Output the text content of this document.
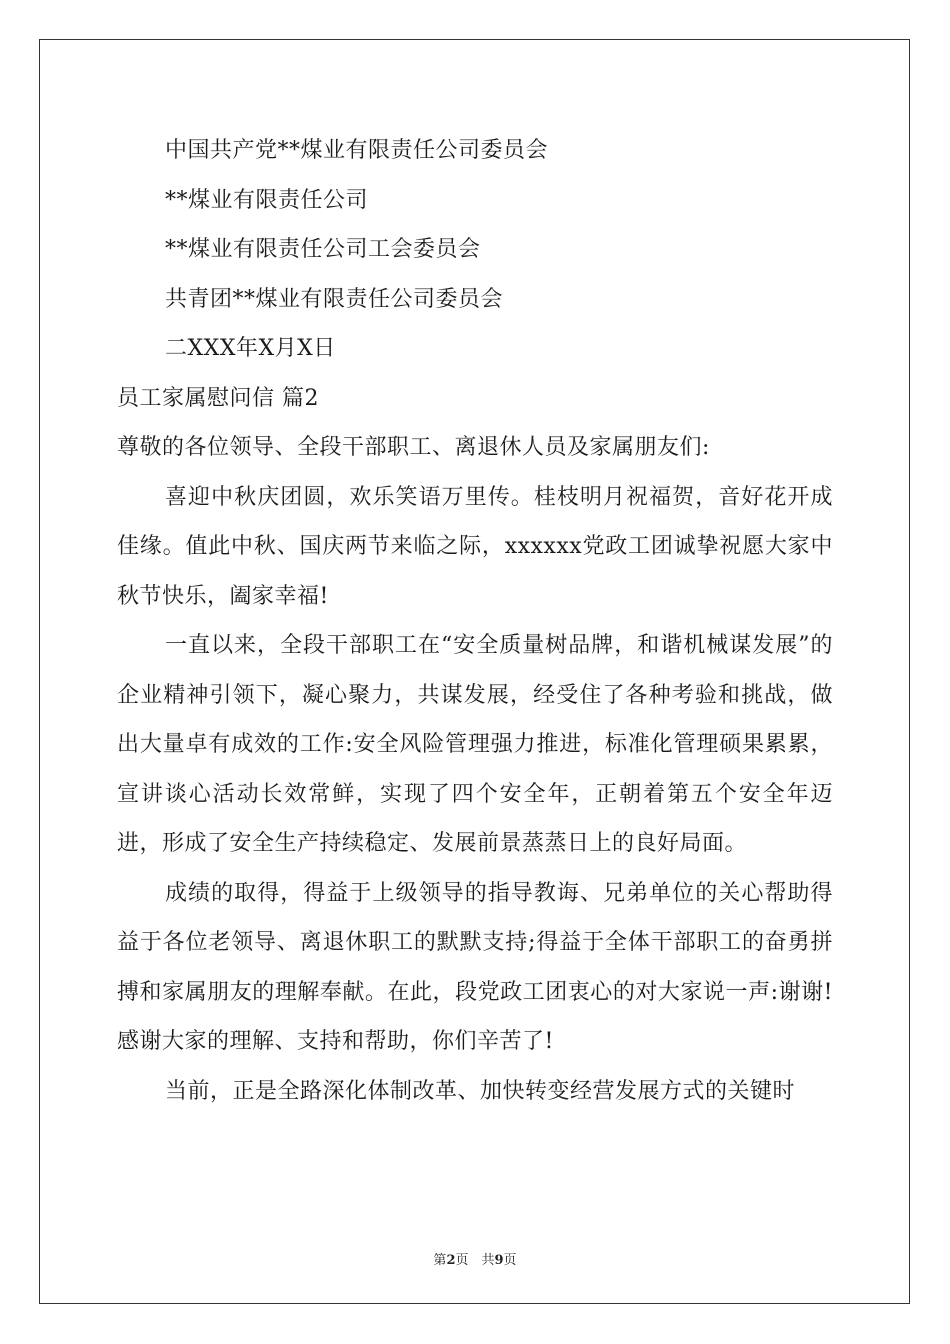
中国共产党**煤业有限责任公司委员会
**煤业有限责任公司
**煤业有限责任公司工会委员会
共青团**煤业有限责任公司委员会
二XXX年X月X日
员工家属慰问信 篇2
尊敬的各位领导、全段干部职工、离退休人员及家属朋友们:
喜迎中秋庆团圆，欢乐笑语万里传。桂枝明月祝福贺，音好花开成佳缘。值此中秋、国庆两节来临之际，xxxxxx党政工团诚挚祝愿大家中秋节快乐，阖家幸福!
一直以来，全段干部职工在“安全质量树品牌，和谐机械谋发展”的企业精神引领下，凝心聚力，共谋发展，经受住了各种考验和挑战，做出大量卓有成效的工作:安全风险管理强力推进，标准化管理硕果累累，宣讲谈心活动长效常鲜，实现了四个安全年，正朝着第五个安全年迈进，形成了安全生产持续稳定、发展前景蒸蒸日上的良好局面。
成绩的取得，得益于上级领导的指导教诲、兄弟单位的关心帮助得益于各位老领导、离退休职工的默默支持;得益于全体干部职工的奋勇拼搏和家属朋友的理解奉献。在此，段党政工团衷心的对大家说一声:谢谢!感谢大家的理解、支持和帮助，你们辛苦了!
当前，正是全路深化体制改革、加快转变经营发展方式的关键时
第2页　共9页
